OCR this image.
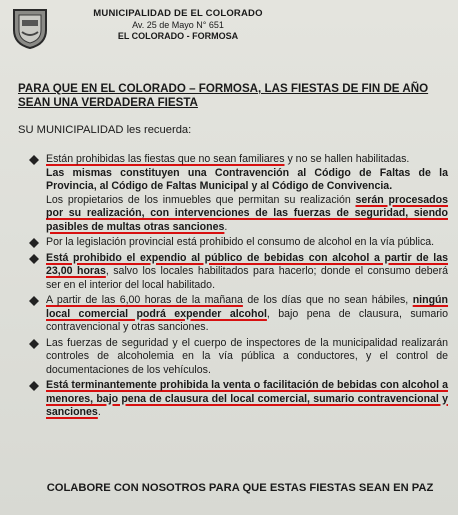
MUNICIPALIDAD DE EL COLORADO
Av. 25 de Mayo N° 651
EL COLORADO - FORMOSA
PARA QUE EN EL COLORADO – FORMOSA, LAS FIESTAS DE FIN DE AÑO SEAN UNA VERDADERA FIESTA
SU MUNICIPALIDAD les recuerda:

Están prohibidas las fiestas que no sean familiares y no se hallen habilitadas.

Las mismas constituyen una Contravención al Código de Faltas de la Provincia, al Código de Faltas Municipal y al Código de Convivencia.

Los propietarios de los inmuebles que permitan su realización serán procesados por su realización, con intervenciones de las fuerzas de seguridad, siendo pasibles de multas otras sanciones.

Por la legislación provincial está prohibido el consumo de alcohol en la vía pública.

Está prohibido el expendio al público de bebidas con alcohol a partir de las 23,00 horas, salvo los locales habilitados para hacerlo; donde el consumo deberá ser en el interior del local habilitado.

A partir de las 6,00 horas de la mañana de los días que no sean hábiles, ningún local comercial podrá expender alcohol, bajo pena de clausura, sumario contravencional y otras sanciones.

Las fuerzas de seguridad y el cuerpo de inspectores de la municipalidad realizarán controles de alcoholemia en la vía pública a conductores, y el control de documentaciones de los vehículos.

Está terminantemente prohibida la venta o facilitación de bebidas con alcohol a menores, bajo pena de clausura del local comercial, sumario contravencional y sanciones.

COLABORE CON NOSOTROS PARA QUE ESTAS FIESTAS SEAN EN PAZ
